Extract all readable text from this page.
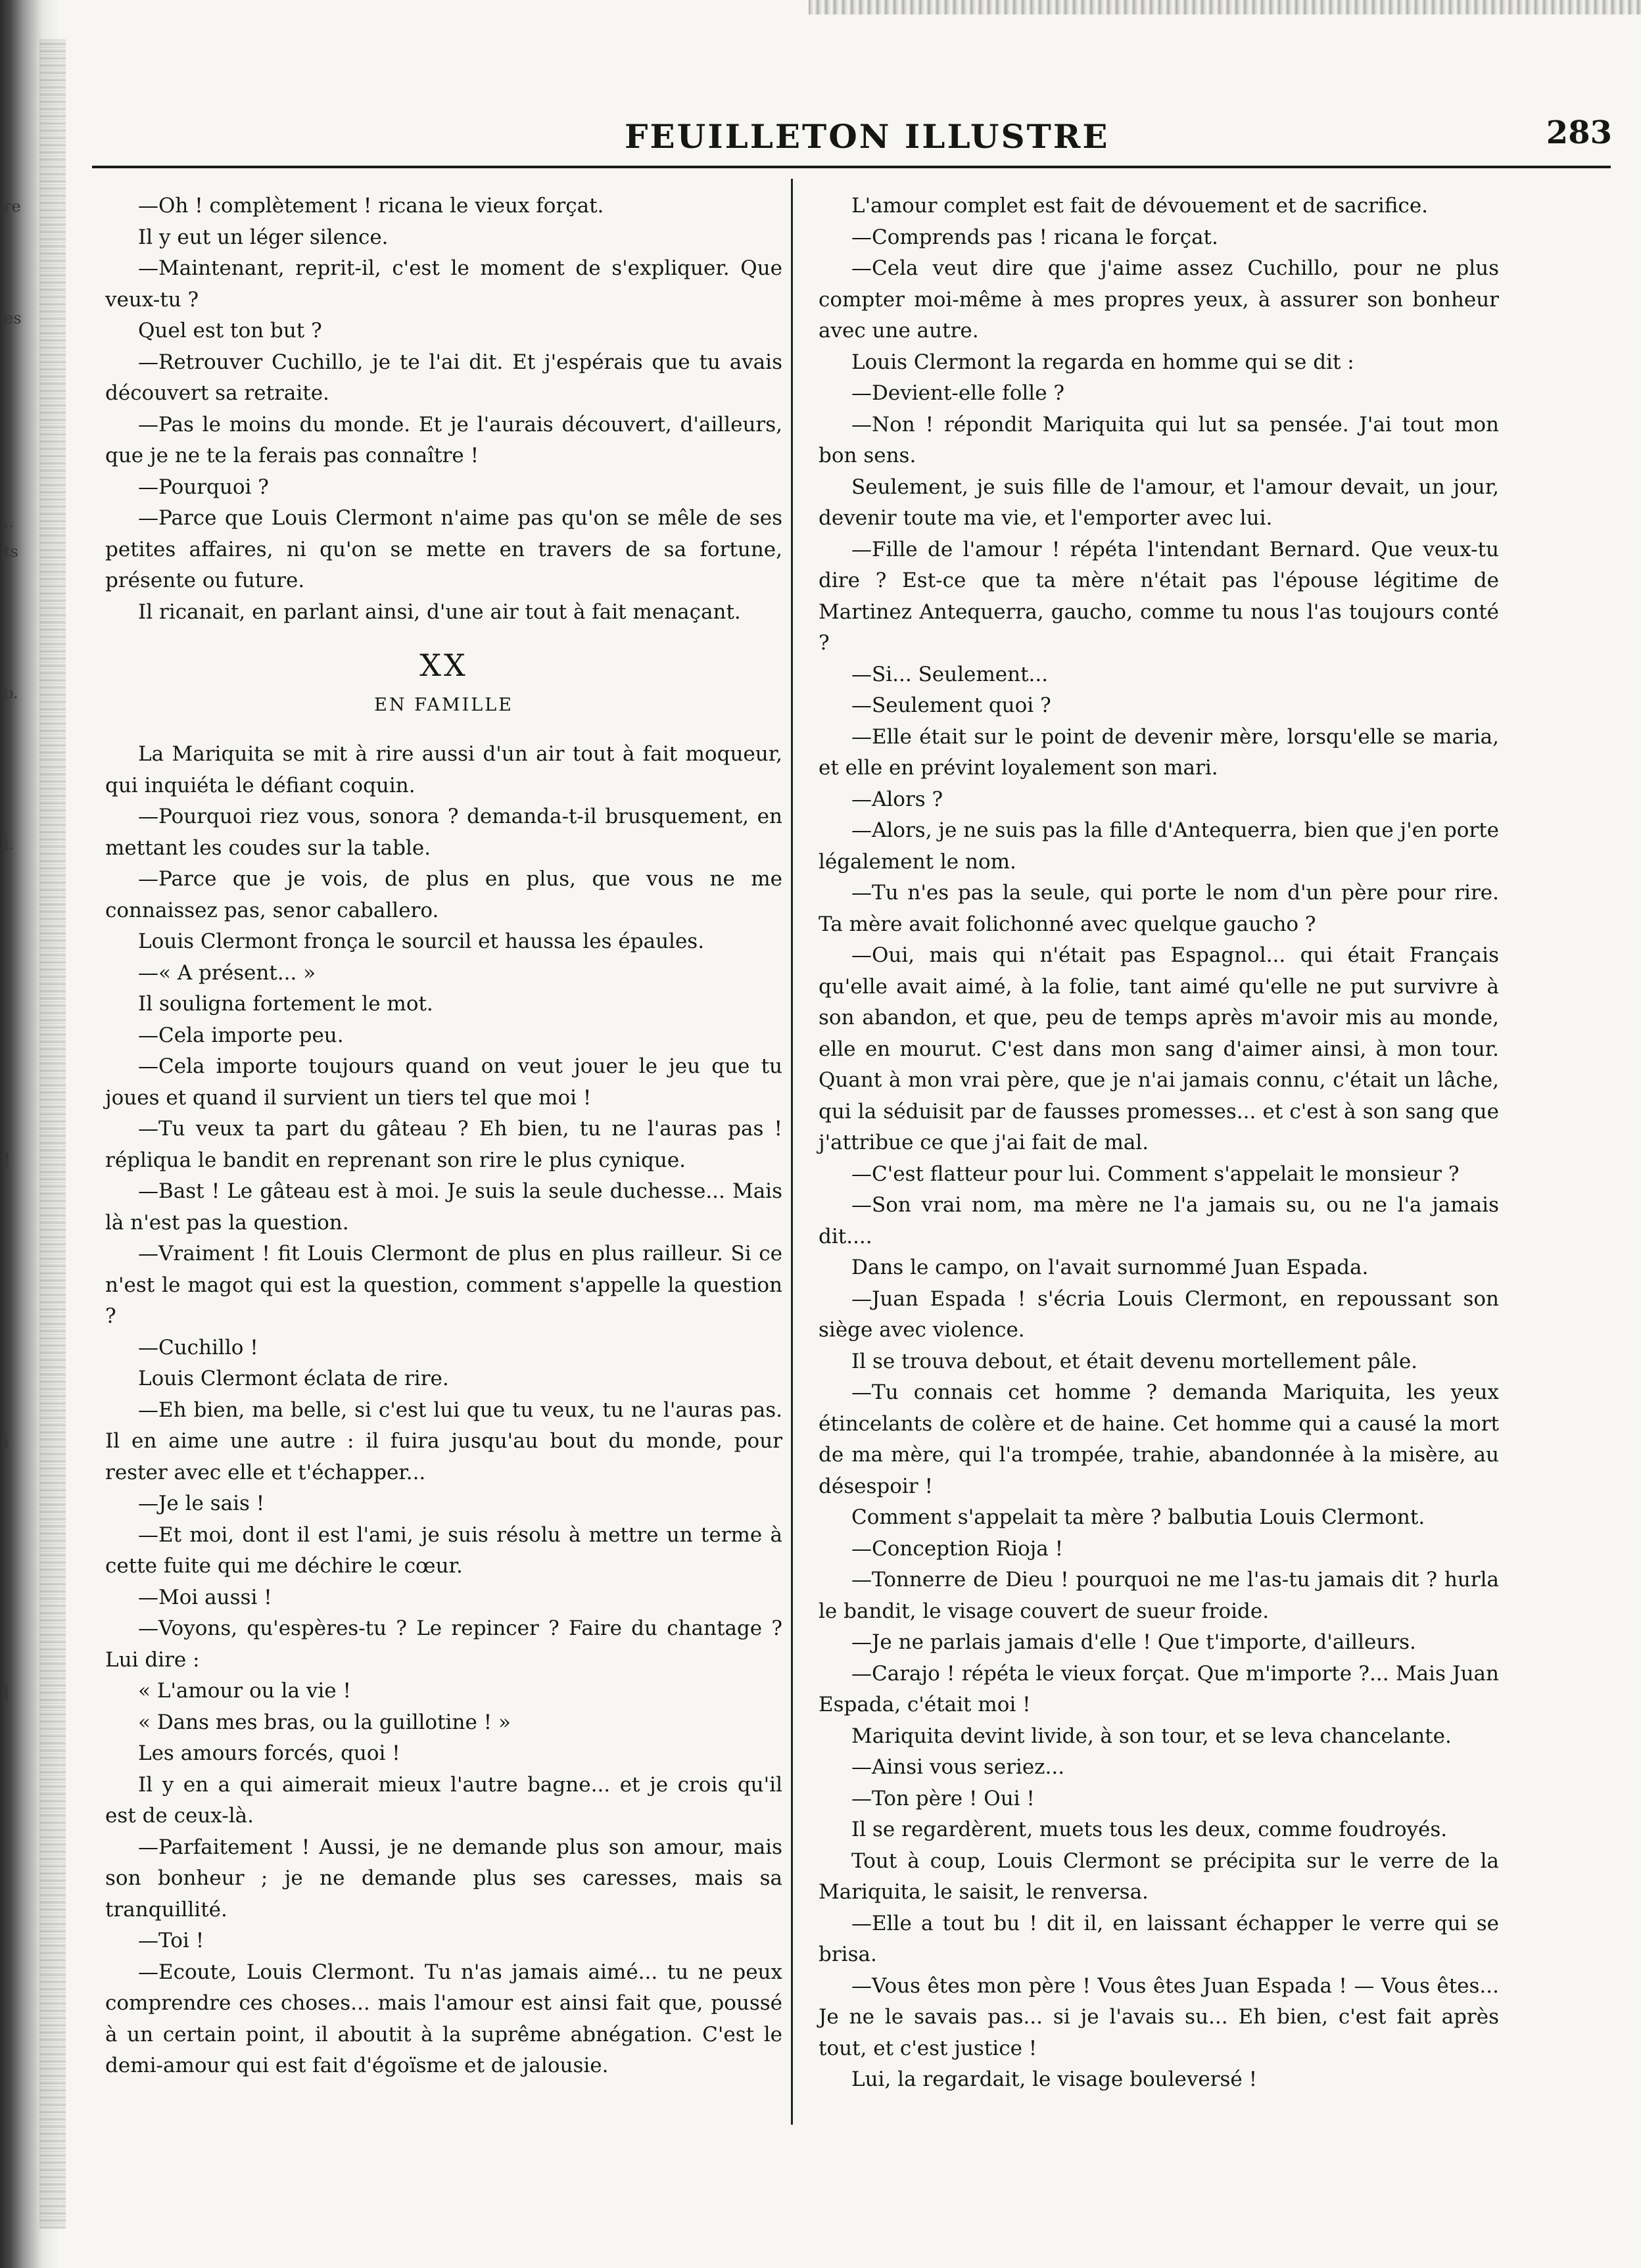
re
es
..
ts
o.
i.
!
i
|
FEUILLETON ILLUSTRE	283

—Oh ! complètement ! ricana le vieux forçat.

Il y eut un léger silence.

—Maintenant, reprit-il, c'est le moment de s'expliquer. Que veux-tu ?

Quel est ton but ?

—Retrouver Cuchillo, je te l'ai dit. Et j'espérais que tu avais découvert sa retraite.

—Pas le moins du monde. Et je l'aurais découvert, d'ailleurs, que je ne te la ferais pas connaître !

—Pourquoi ?

—Parce que Louis Clermont n'aime pas qu'on se mêle de ses petites affaires, ni qu'on se mette en travers de sa fortune, présente ou future.

Il ricanait, en parlant ainsi, d'une air tout à fait menaçant.

XX
EN FAMILLE

La Mariquita se mit à rire aussi d'un air tout à fait moqueur, qui inquiéta le défiant coquin.

—Pourquoi riez vous, sonora ? demanda-t-il brusquement, en mettant les coudes sur la table.

—Parce que je vois, de plus en plus, que vous ne me connaissez pas, senor caballero.

Louis Clermont fronça le sourcil et haussa les épaules.

—« A présent... »

Il souligna fortement le mot.

—Cela importe peu.

—Cela importe toujours quand on veut jouer le jeu que tu joues et quand il survient un tiers tel que moi !

—Tu veux ta part du gâteau ? Eh bien, tu ne l'auras pas ! répliqua le bandit en reprenant son rire le plus cynique.

—Bast ! Le gâteau est à moi. Je suis la seule duchesse... Mais là n'est pas la question.

—Vraiment ! fit Louis Clermont de plus en plus railleur. Si ce n'est le magot qui est la question, comment s'appelle la question ?

—Cuchillo !

Louis Clermont éclata de rire.

—Eh bien, ma belle, si c'est lui que tu veux, tu ne l'auras pas. Il en aime une autre : il fuira jusqu'au bout du monde, pour rester avec elle et t'échapper...

—Je le sais !

—Et moi, dont il est l'ami, je suis résolu à mettre un terme à cette fuite qui me déchire le cœur.

—Moi aussi !

—Voyons, qu'espères-tu ? Le repincer ? Faire du chantage ? Lui dire :

« L'amour ou la vie !

« Dans mes bras, ou la guillotine ! »

Les amours forcés, quoi !

Il y en a qui aimerait mieux l'autre bagne... et je crois qu'il est de ceux-là.

—Parfaitement ! Aussi, je ne demande plus son amour, mais son bonheur ; je ne demande plus ses caresses, mais sa tranquillité.

—Toi !

—Ecoute, Louis Clermont. Tu n'as jamais aimé... tu ne peux comprendre ces choses... mais l'amour est ainsi fait que, poussé à un certain point, il aboutit à la suprême abnégation. C'est le demi-amour qui est fait d'égoïsme et de jalousie.

L'amour complet est fait de dévouement et de sacrifice.

—Comprends pas ! ricana le forçat.

—Cela veut dire que j'aime assez Cuchillo, pour ne plus compter moi-même à mes propres yeux, à assurer son bonheur avec une autre.

Louis Clermont la regarda en homme qui se dit :

—Devient-elle folle ?

—Non ! répondit Mariquita qui lut sa pensée. J'ai tout mon bon sens.

Seulement, je suis fille de l'amour, et l'amour devait, un jour, devenir toute ma vie, et l'emporter avec lui.

—Fille de l'amour ! répéta l'intendant Bernard. Que veux-tu dire ? Est-ce que ta mère n'était pas l'épouse légitime de Martinez Antequerra, gaucho, comme tu nous l'as toujours conté ?

—Si... Seulement...

—Seulement quoi ?

—Elle était sur le point de devenir mère, lorsqu'elle se maria, et elle en prévint loyalement son mari.

—Alors ?

—Alors, je ne suis pas la fille d'Antequerra, bien que j'en porte légalement le nom.

—Tu n'es pas la seule, qui porte le nom d'un père pour rire. Ta mère avait folichonné avec quelque gaucho ?

—Oui, mais qui n'était pas Espagnol... qui était Français qu'elle avait aimé, à la folie, tant aimé qu'elle ne put survivre à son abandon, et que, peu de temps après m'avoir mis au monde, elle en mourut. C'est dans mon sang d'aimer ainsi, à mon tour. Quant à mon vrai père, que je n'ai jamais connu, c'était un lâche, qui la séduisit par de fausses promesses... et c'est à son sang que j'attribue ce que j'ai fait de mal.

—C'est flatteur pour lui. Comment s'appelait le monsieur ?

—Son vrai nom, ma mère ne l'a jamais su, ou ne l'a jamais dit....

Dans le campo, on l'avait surnommé Juan Espada.

—Juan Espada ! s'écria Louis Clermont, en repoussant son siège avec violence.

Il se trouva debout, et était devenu mortellement pâle.

—Tu connais cet homme ? demanda Mariquita, les yeux étincelants de colère et de haine. Cet homme qui a causé la mort de ma mère, qui l'a trompée, trahie, abandonnée à la misère, au désespoir !

Comment s'appelait ta mère ? balbutia Louis Clermont.

—Conception Rioja !

—Tonnerre de Dieu ! pourquoi ne me l'as-tu jamais dit ? hurla le bandit, le visage couvert de sueur froide.

—Je ne parlais jamais d'elle ! Que t'importe, d'ailleurs.

—Carajo ! répéta le vieux forçat. Que m'importe ?... Mais Juan Espada, c'était moi !

Mariquita devint livide, à son tour, et se leva chancelante.

—Ainsi vous seriez...

—Ton père ! Oui !

Il se regardèrent, muets tous les deux, comme foudroyés.

Tout à coup, Louis Clermont se précipita sur le verre de la Mariquita, le saisit, le renversa.

—Elle a tout bu ! dit il, en laissant échapper le verre qui se brisa.

—Vous êtes mon père ! Vous êtes Juan Espada ! — Vous êtes... Je ne le savais pas... si je l'avais su... Eh bien, c'est fait après tout, et c'est justice !

Lui, la regardait, le visage bouleversé !
